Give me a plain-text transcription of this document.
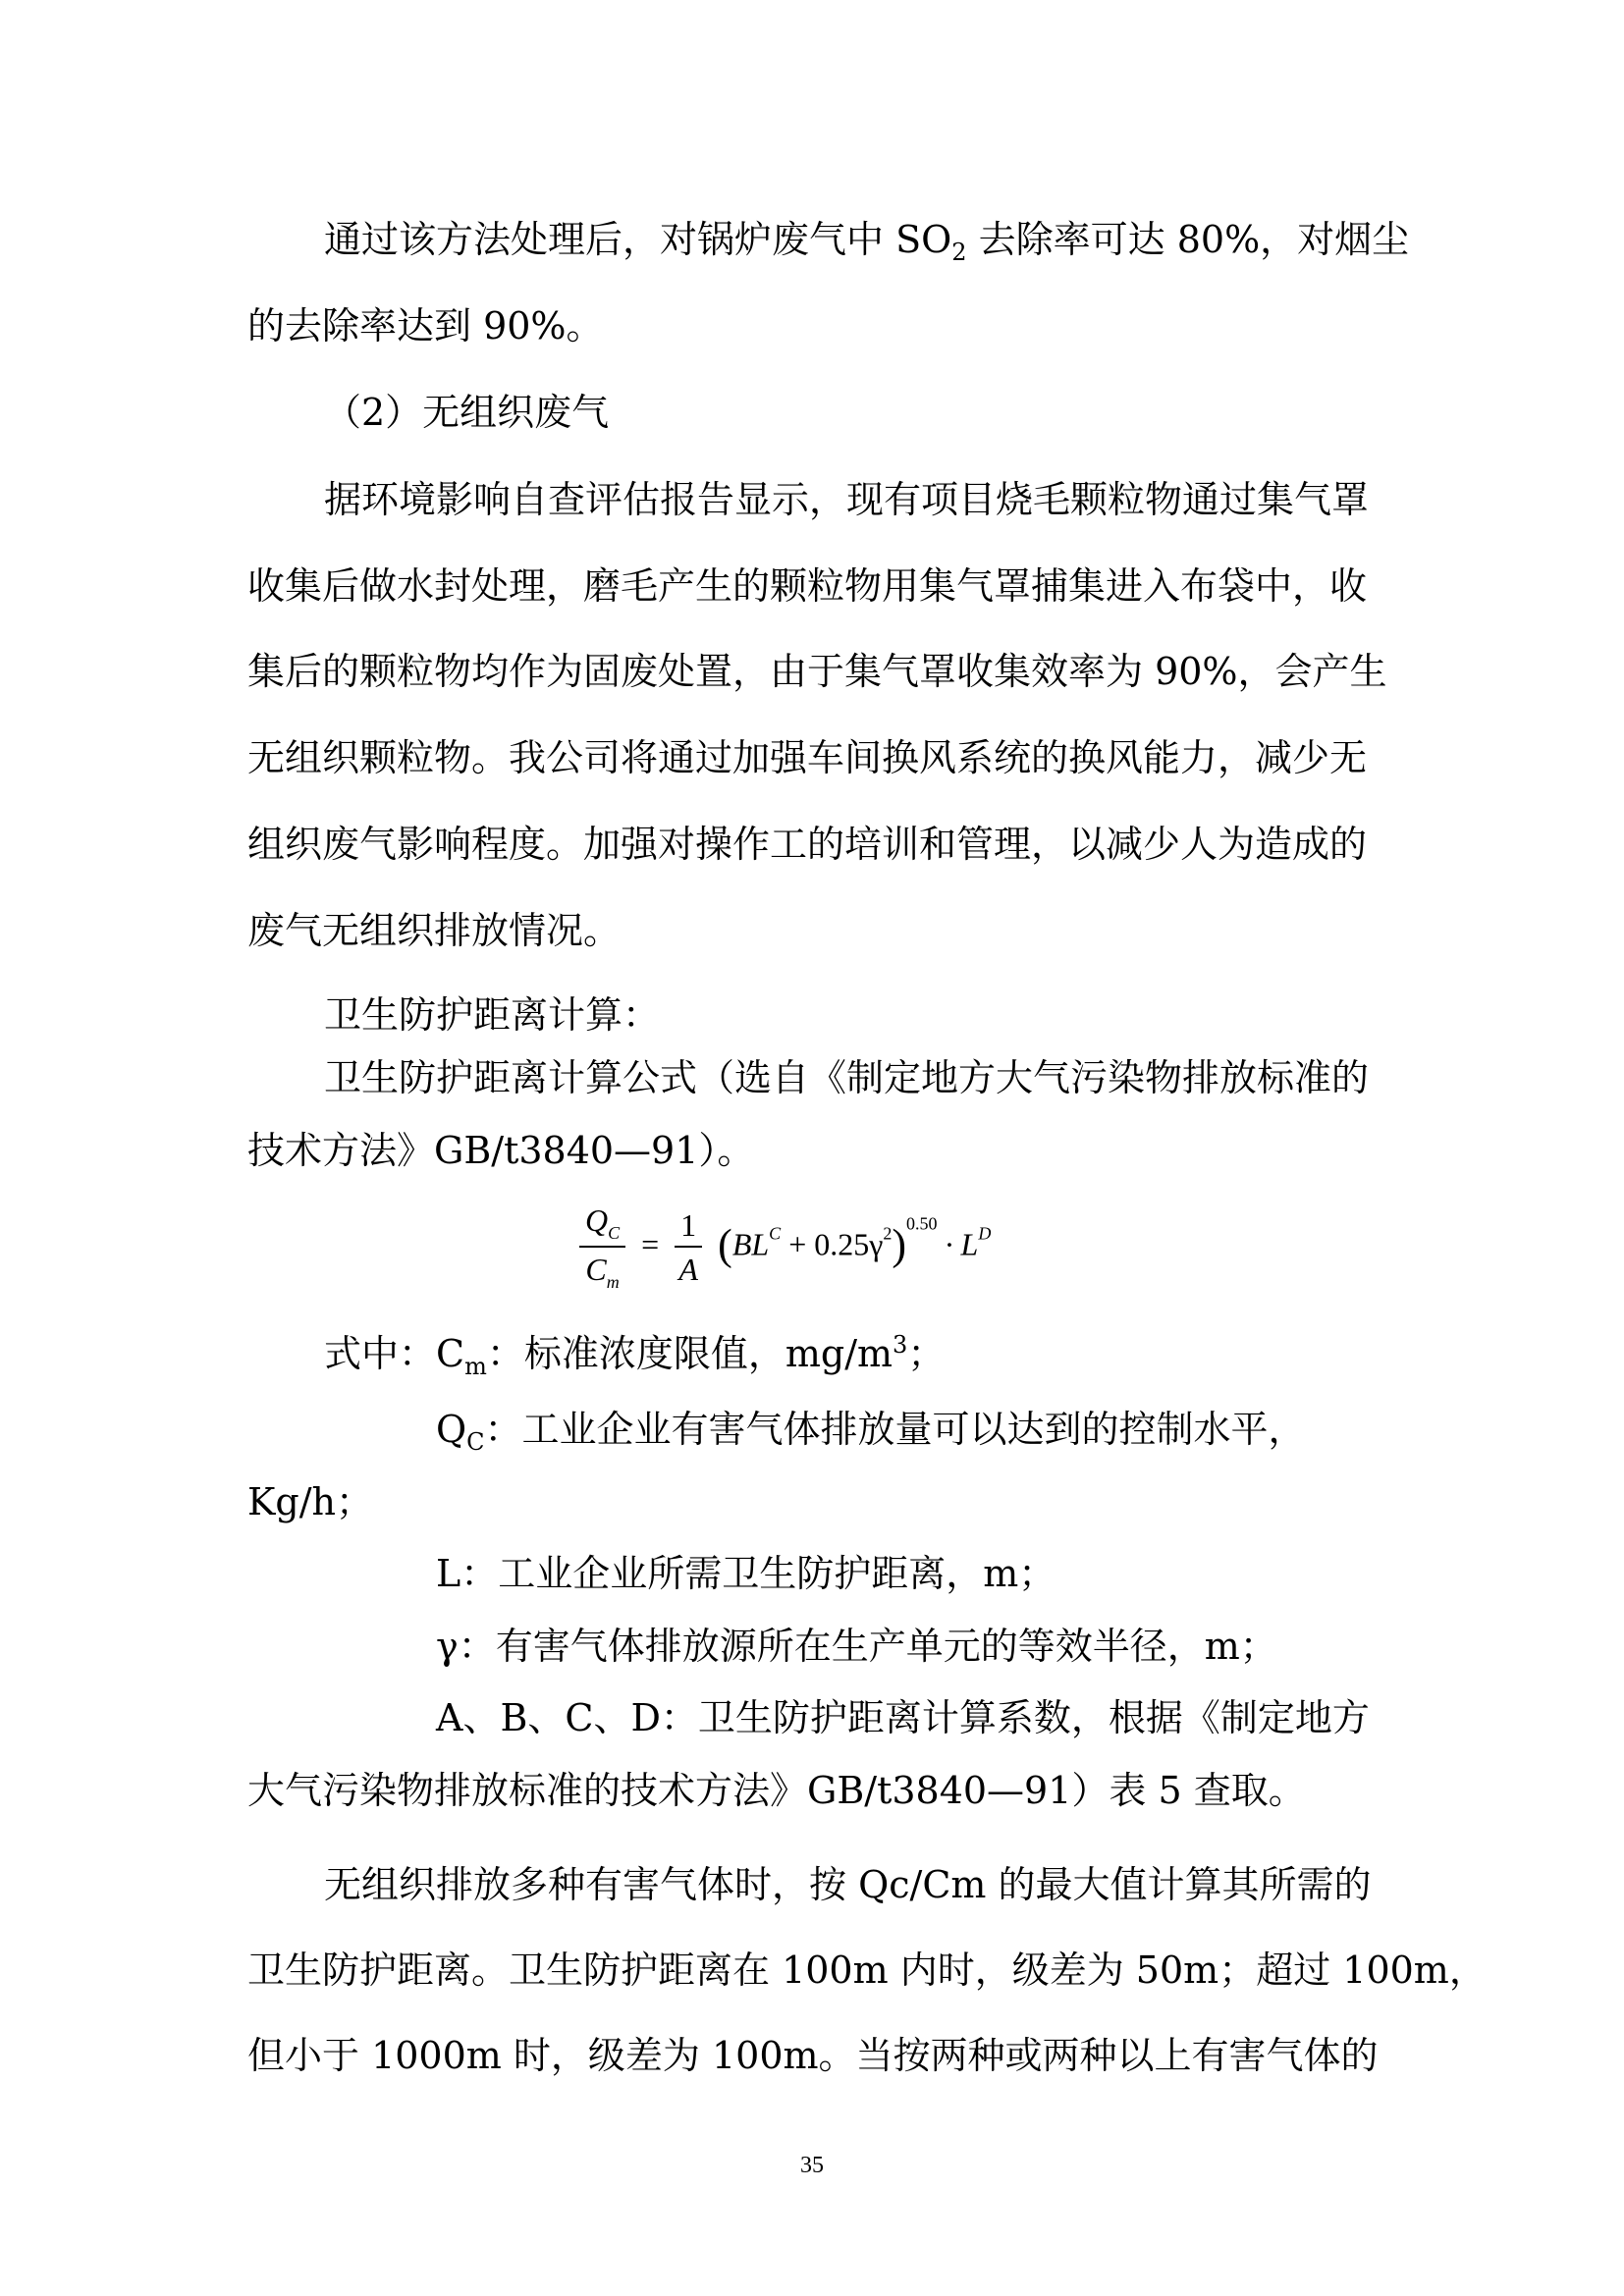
通过该方法处理后，对锅炉废气中 $SO_2$ 去除率可达 80%，对烟尘
的去除率达到 90%。
（2）无组织废气
据环境影响自查评估报告显示，现有项目烧毛颗粒物通过集气罩
收集后做水封处理，磨毛产生的颗粒物用集气罩捕集进入布袋中，收
集后的颗粒物均作为固废处置，由于集气罩收集效率为 90%，会产生
无组织颗粒物。我公司将通过加强车间换风系统的换风能力，减少无
组织废气影响程度。加强对操作工的培训和管理，以减少人为造成的
废气无组织排放情况。
卫生防护距离计算：
卫生防护距离计算公式（选自《制定地方大气污染物排放标准的
技术方法》GB/t3840—91）。
$\frac{Q_C}{C_m} = \frac{1}{A} (BL^C + 0.25\gamma^2)^{0.50} \cdot L^D$
式中：$C_m$：标准浓度限值，$mg/m^3$；
$Q_C$：工业企业有害气体排放量可以达到的控制水平，
Kg/h；
L：工业企业所需卫生防护距离，m；
γ：有害气体排放源所在生产单元的等效半径，m；
A、B、C、D：卫生防护距离计算系数，根据《制定地方
大气污染物排放标准的技术方法》GB/t3840—91）表 5 查取。
无组织排放多种有害气体时，按 Qc/Cm 的最大值计算其所需的
卫生防护距离。卫生防护距离在 100m 内时，级差为 50m；超过 100m，
但小于 1000m 时，级差为 100m。当按两种或两种以上有害气体的
35
